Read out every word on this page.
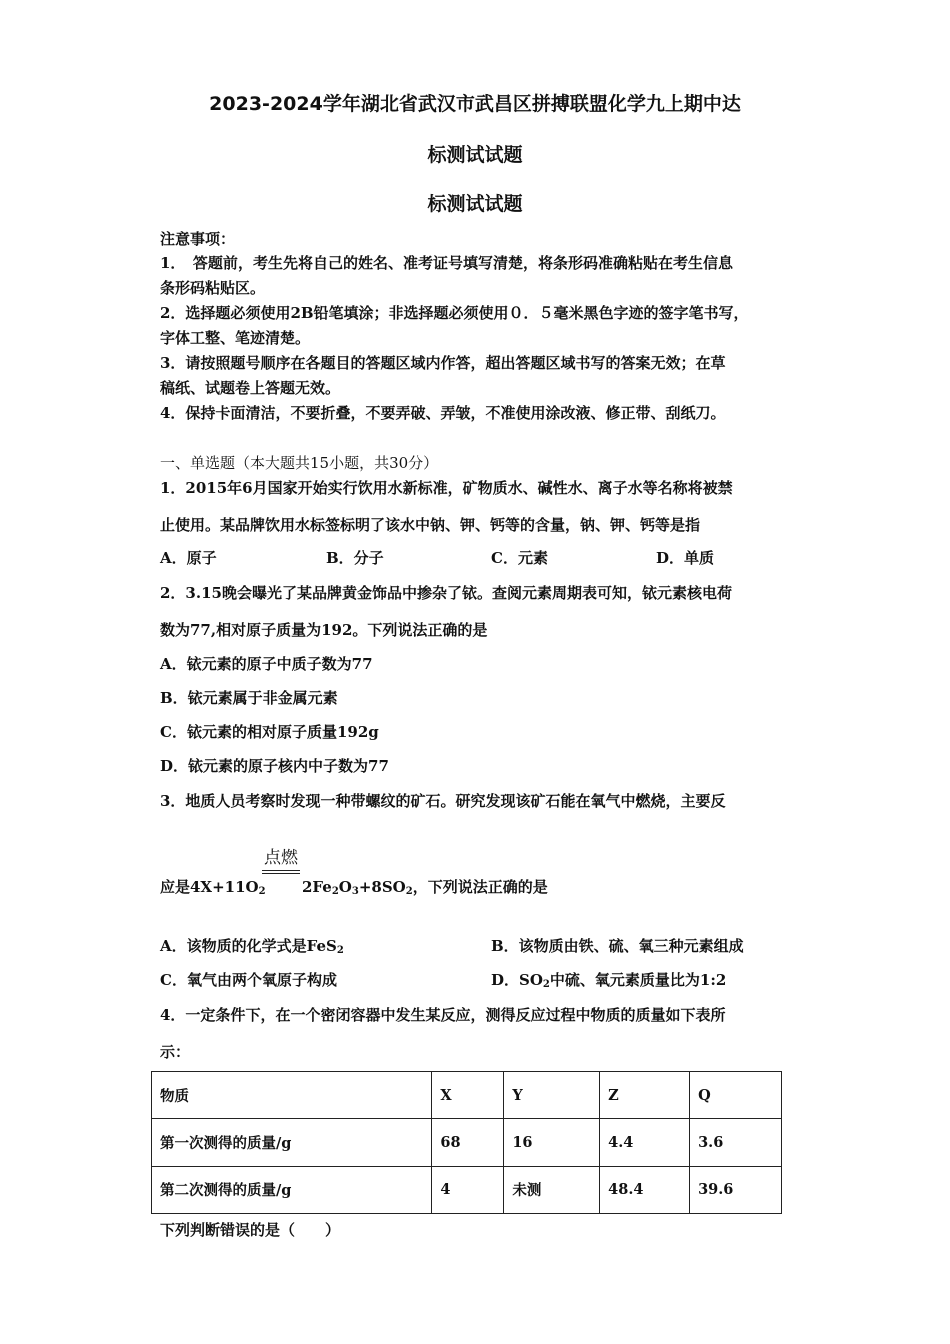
2023-2024学年湖北省武汉市武昌区拼搏联盟化学九上期中达
标测试试题
标测试试题
注意事项：
1．　答题前，考生先将自己的姓名、准考证号填写清楚，将条形码准确粘贴在考生信息
条形码粘贴区。
2．选择题必须使用2B铅笔填涂；非选择题必须使用０．５毫米黑色字迹的签字笔书写，
字体工整、笔迹清楚。
3．请按照题号顺序在各题目的答题区域内作答，超出答题区域书写的答案无效；在草
稿纸、试题卷上答题无效。
4．保持卡面清洁，不要折叠，不要弄破、弄皱，不准使用涂改液、修正带、刮纸刀。
一、单选题（本大题共15小题，共30分）
1．2015年6月国家开始实行饮用水新标准，矿物质水、碱性水、离子水等名称将被禁
止使用。某品牌饮用水标签标明了该水中钠、钾、钙等的含量，钠、钾、钙等是指
A．原子	B．分子	C．元素	D．单质
2．3.15晚会曝光了某品牌黄金饰品中掺杂了铱。查阅元素周期表可知，铱元素核电荷
数为77,相对原子质量为192。下列说法正确的是
A．铱元素的原子中质子数为77
B．铱元素属于非金属元素
C．铱元素的相对原子质量192g
D．铱元素的原子核内中子数为77
3．地质人员考察时发现一种带螺纹的矿石。研究发现该矿石能在氧气中燃烧，主要反
点燃
应是$4X+11O_2$ $2Fe_2O_3+8SO_2$，下列说法正确的是
A．该物质的化学式是FeS$_2$	B．该物质由铁、硫、氧三种元素组成
C．氧气由两个氧原子构成	D．$SO_2$中硫、氧元素质量比为1:2
4．一定条件下，在一个密闭容器中发生某反应，测得反应过程中物质的质量如下表所
示：
物质	X	Y	Z	Q
第一次测得的质量/g	68	16	4.4	3.6
第二次测得的质量/g	4	未测	48.4	39.6
下列判断错误的是（　　）
